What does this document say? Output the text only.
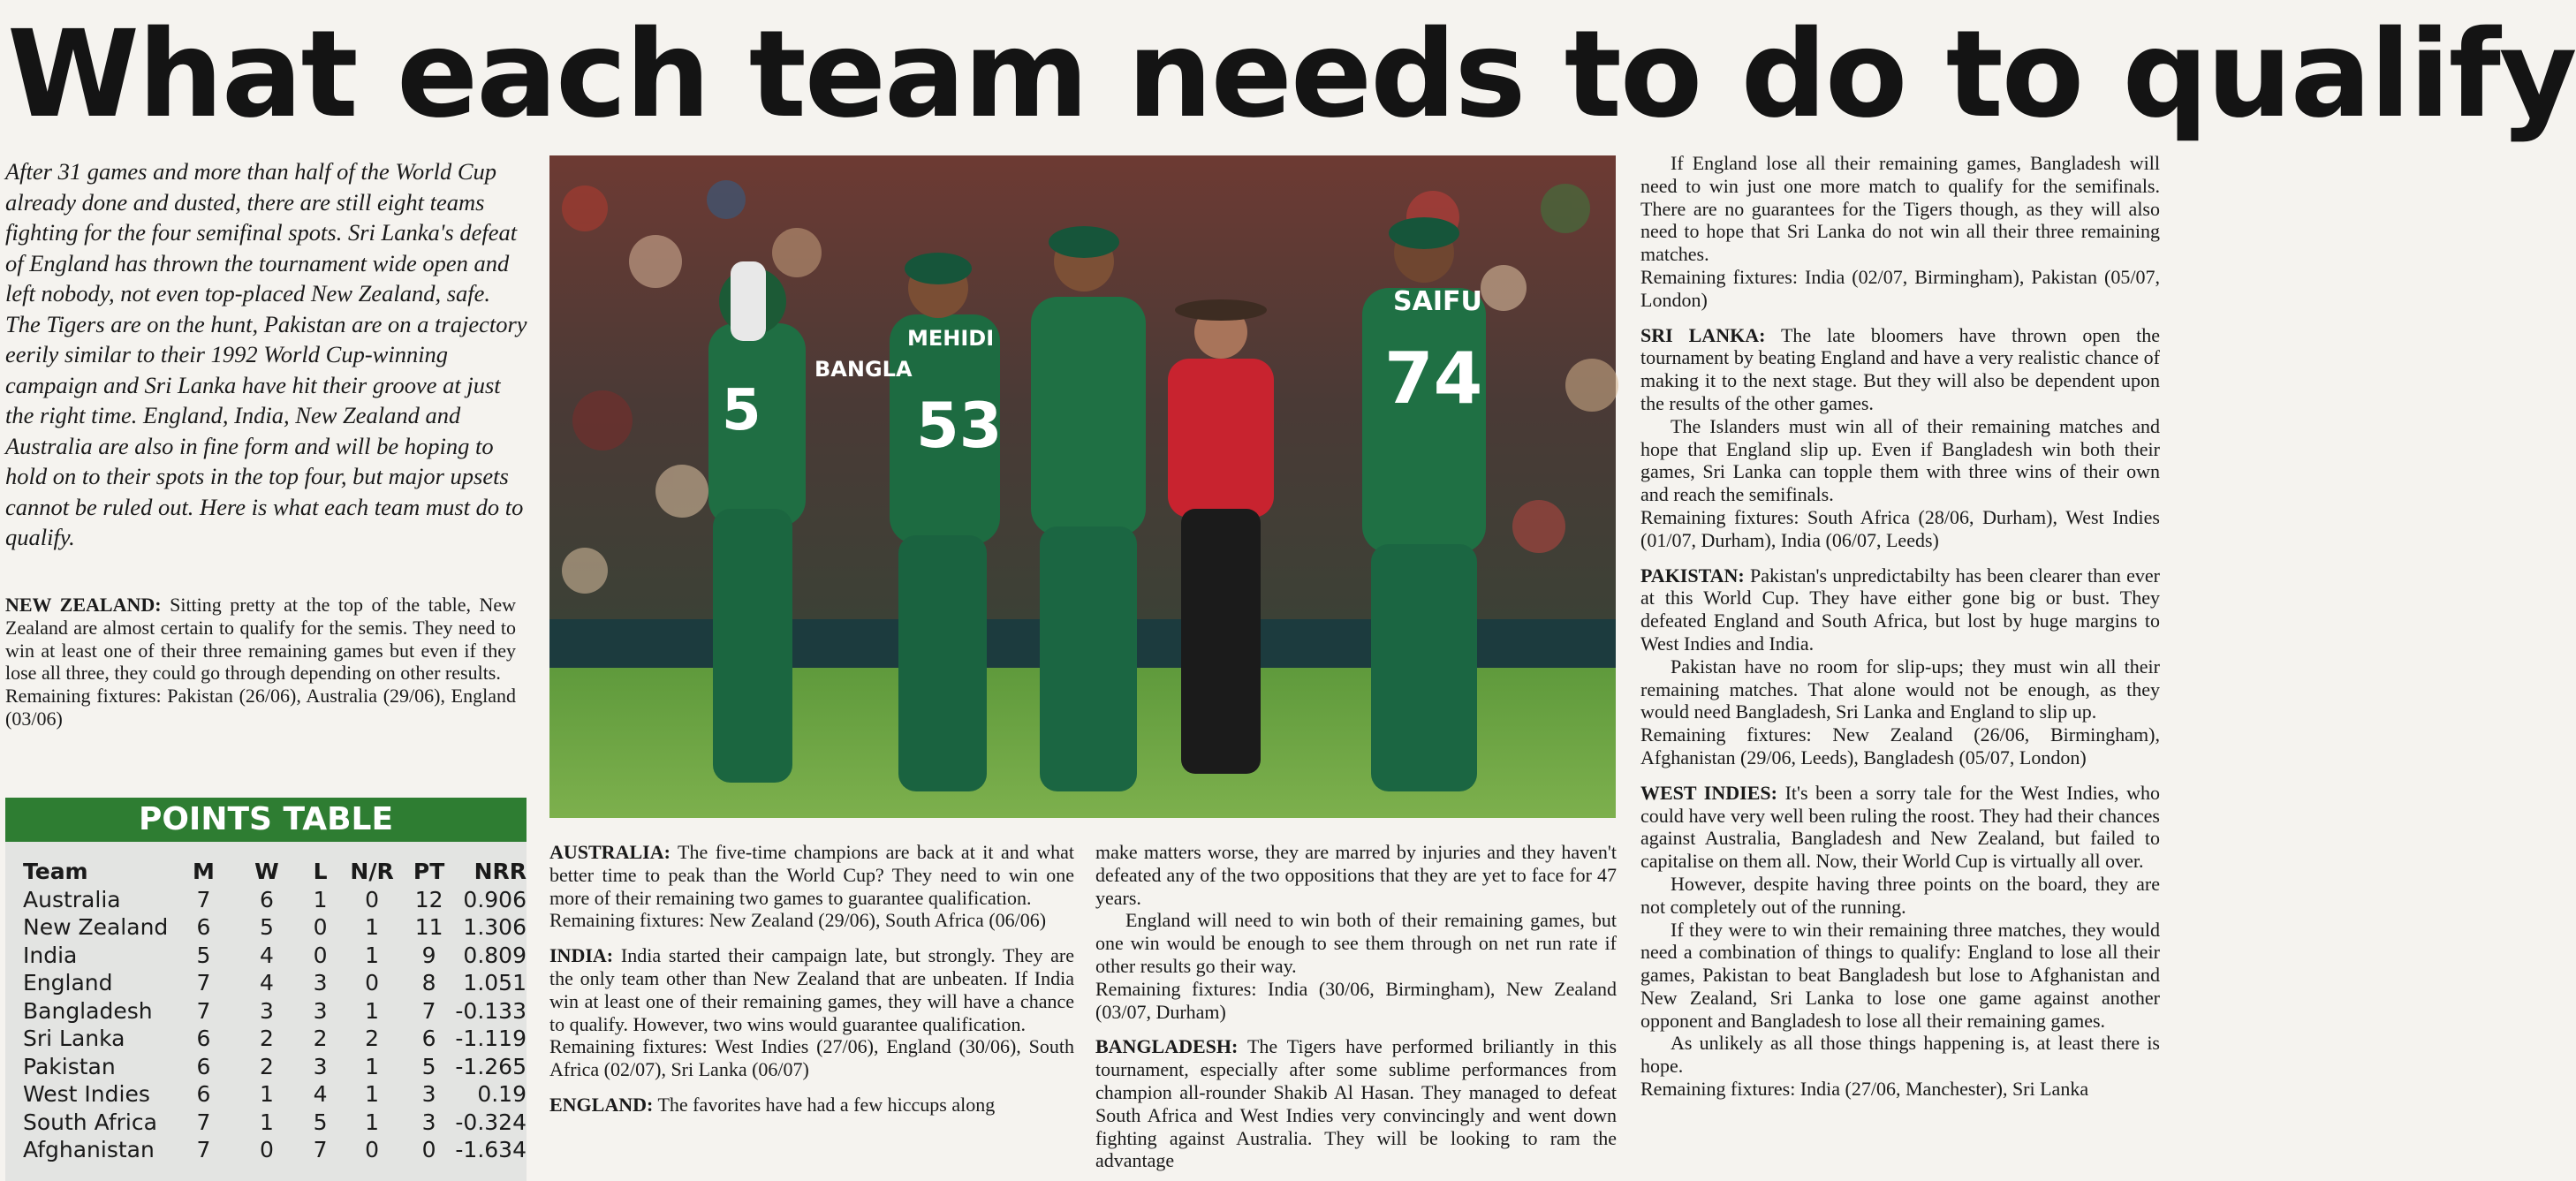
What each team needs to do to qualify

After 31 games and more than half of the World Cup already done and dusted, there are still eight teams fighting for the four semifinal spots. Sri Lanka's defeat of England has thrown the tournament wide open and left nobody, not even top-placed New Zealand, safe. The Tigers are on the hunt, Pakistan are on a trajectory eerily similar to their 1992 World Cup-winning campaign and Sri Lanka have hit their groove at just the right time. England, India, New Zealand and Australia are also in fine form and will be hoping to hold on to their spots in the top four, but major upsets cannot be ruled out. Here is what each team must do to qualify.

NEW ZEALAND: Sitting pretty at the top of the table, New Zealand are almost certain to qualify for the semis. They need to win at least one of their three remaining games but even if they lose all three, they could go through depending on other results.

Remaining fixtures: Pakistan (26/06), Australia (29/06), England (03/06)

POINTS TABLE
Team	M	W	L	N/R	PT	NRR
Australia	7	6	1	0	12	0.906
New Zealand	6	5	0	1	11	1.306
India	5	4	0	1	9	0.809
England	7	4	3	0	8	1.051
Bangladesh	7	3	3	1	7	-0.133
Sri Lanka	6	2	2	2	6	-1.119
Pakistan	6	2	3	1	5	-1.265
West Indies	6	1	4	1	3	0.19
South Africa	7	1	5	1	3	-0.324
Afghanistan	7	0	7	0	0	-1.634
5	53
74
BANGLA
SAIFU
MEHIDI

AUSTRALIA: The five-time champions are back at it and what better time to peak than the World Cup? They need to win one more of their remaining two games to guarantee qualification.

Remaining fixtures: New Zealand (29/06), South Africa (06/06)

INDIA: India started their campaign late, but strongly. They are the only team other than New Zealand that are unbeaten. If India win at least one of their remaining games, they will have a chance to qualify. However, two wins would guarantee qualification.

Remaining fixtures: West Indies (27/06), England (30/06), South Africa (02/07), Sri Lanka (06/07)

ENGLAND: The favorites have had a few hiccups along

make matters worse, they are marred by injuries and they haven't defeated any of the two oppositions that they are yet to face for 47 years.

England will need to win both of their remaining games, but one win would be enough to see them through on net run rate if other results go their way.

Remaining fixtures: India (30/06, Birmingham), New Zealand (03/07, Durham)

BANGLADESH: The Tigers have performed briliantly in this tournament, especially after some sublime performances from champion all-rounder Shakib Al Hasan. They managed to defeat South Africa and West Indies very convincingly and went down fighting against Australia. They will be looking to ram the advantage

If England lose all their remaining games, Bangladesh will need to win just one more match to qualify for the semifinals. There are no guarantees for the Tigers though, as they will also need to hope that Sri Lanka do not win all their three remaining matches.

Remaining fixtures: India (02/07, Birmingham), Pakistan (05/07, London)

SRI LANKA: The late bloomers have thrown open the tournament by beating England and have a very realistic chance of making it to the next stage. But they will also be dependent upon the results of the other games.

The Islanders must win all of their remaining matches and hope that England slip up. Even if Bangladesh win both their games, Sri Lanka can topple them with three wins of their own and reach the semifinals.

Remaining fixtures: South Africa (28/06, Durham), West Indies (01/07, Durham), India (06/07, Leeds)

PAKISTAN: Pakistan's unpredictabilty has been clearer than ever at this World Cup. They have either gone big or bust. They defeated England and South Africa, but lost by huge margins to West Indies and India.

Pakistan have no room for slip-ups; they must win all their remaining matches. That alone would not be enough, as they would need Bangladesh, Sri Lanka and England to slip up.

Remaining fixtures: New Zealand (26/06, Birmingham), Afghanistan (29/06, Leeds), Bangladesh (05/07, London)

WEST INDIES: It's been a sorry tale for the West Indies, who could have very well been ruling the roost. They had their chances against Australia, Bangladesh and New Zealand, but failed to capitalise on them all. Now, their World Cup is virtually all over.

However, despite having three points on the board, they are not completely out of the running.

If they were to win their remaining three matches, they would need a combination of things to qualify: England to lose all their games, Pakistan to beat Bangladesh but lose to Afghanistan and New Zealand, Sri Lanka to lose one game against another opponent and Bangladesh to lose all their remaining games.

As unlikely as all those things happening is, at least there is hope.

Remaining fixtures: India (27/06, Manchester), Sri Lanka
